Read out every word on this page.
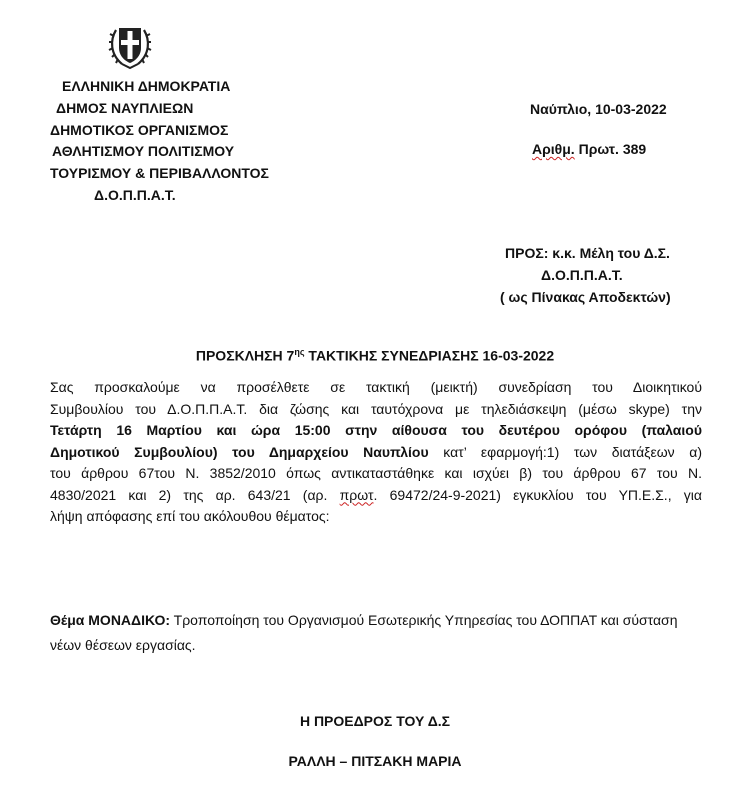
ΕΛΛΗΝΙΚΗ ΔΗΜΟΚΡΑΤΙΑ
ΔΗΜΟΣ ΝΑΥΠΛΙΕΩΝ
ΔΗΜΟΤΙΚΟΣ ΟΡΓΑΝΙΣΜΟΣ
ΑΘΛΗΤΙΣΜΟΥ ΠΟΛΙΤΙΣΜΟΥ
ΤΟΥΡΙΣΜΟΥ & ΠΕΡΙΒΑΛΛΟΝΤΟΣ
Δ.Ο.Π.Π.Α.Τ.
Ναύπλιο, 10-03-2022
Αριθμ. Πρωτ. 389
ΠΡΟΣ: κ.κ. Μέλη του Δ.Σ.
Δ.Ο.Π.Π.Α.Τ.
( ως Πίνακας Αποδεκτών)
ΠΡΟΣΚΛΗΣΗ $7^{\eta\varsigma}$ ΤΑΚΤΙΚΗΣ ΣΥΝΕΔΡΙΑΣΗΣ 16-03-2022
Σας προσκαλούμε να προσέλθετε σε τακτική (μεικτή) συνεδρίαση του Διοικητικού
Συμβουλίου του Δ.Ο.Π.Π.Α.Τ. δια ζώσης και ταυτόχρονα με τηλεδιάσκεψη (μέσω skype) την
Τετάρτη 16 Μαρτίου και ώρα 15:00 στην αίθουσα του δευτέρου ορόφου (παλαιού
Δημοτικού Συμβουλίου) του Δημαρχείου Ναυπλίου κατ’ εφαρμογή:1) των διατάξεων α)
του άρθρου 67του Ν. 3852/2010 όπως αντικαταστάθηκε και ισχύει β) του άρθρου 67 του Ν.
4830/2021 και 2) της αρ. 643/21 (αρ. πρωτ. 69472/24-9-2021) εγκυκλίου του ΥΠ.Ε.Σ., για
λήψη απόφασης επί του ακόλουθου θέματος:
Θέμα ΜΟΝΑΔΙΚΟ: Τροποποίηση του Οργανισμού Εσωτερικής Υπηρεσίας του ΔΟΠΠΑΤ και σύσταση νέων θέσεων εργασίας.
Η ΠΡΟΕΔΡΟΣ ΤΟΥ Δ.Σ
ΡΑΛΛΗ – ΠΙΤΣΑΚΗ ΜΑΡΙΑ
